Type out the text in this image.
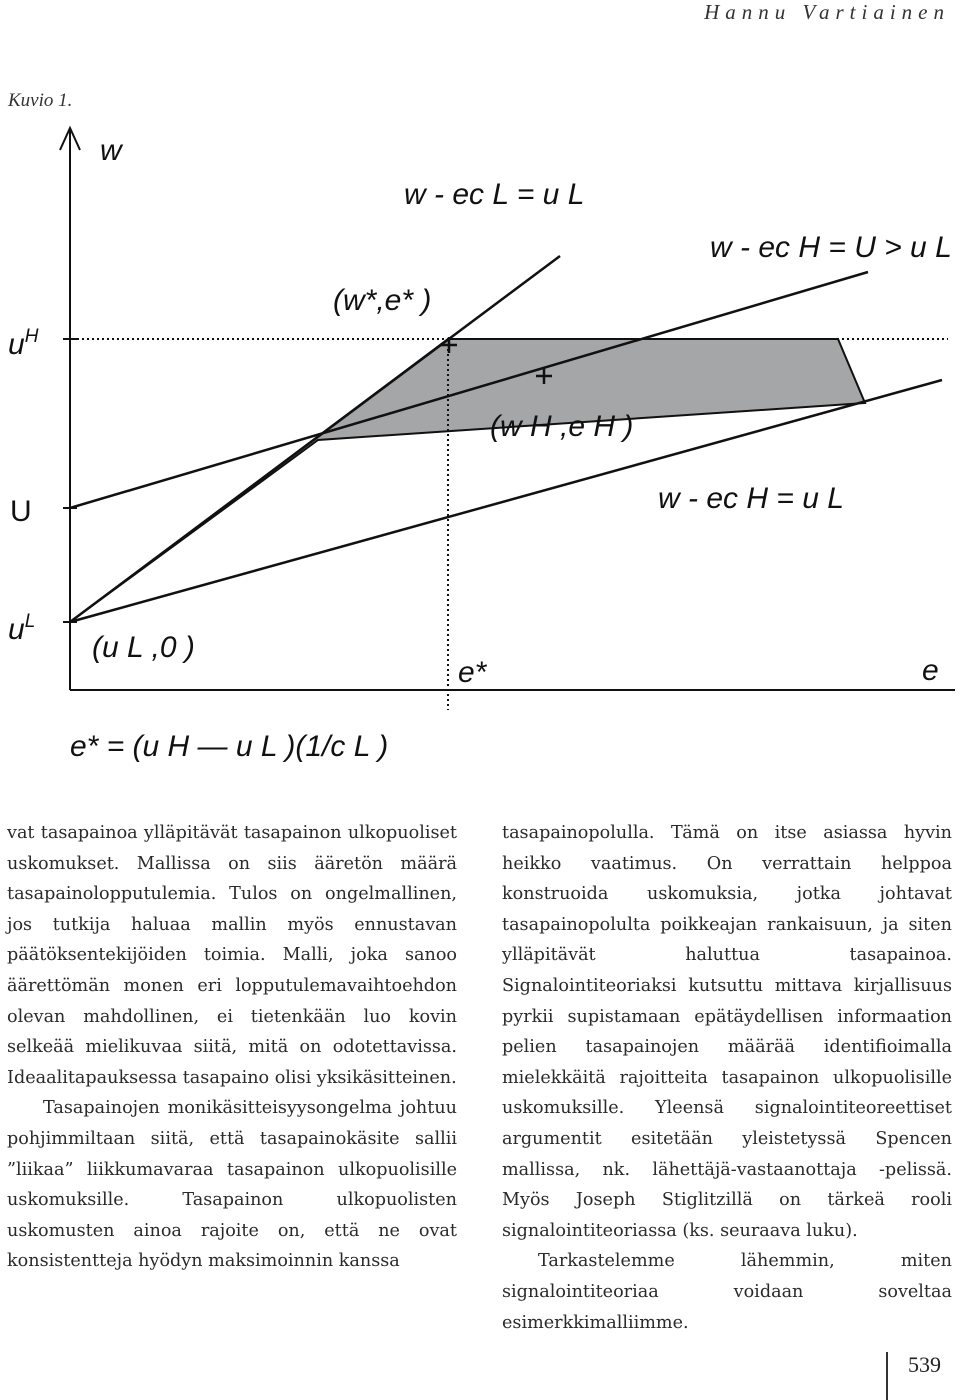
Hannu Vartiainen
Kuvio 1.
w
e
$u^H$
U
$u^L$
e*
(u L ,0 )
(w*,e* )
(w H ,e H )
w - ec L = u L
w - ec H = U > u L
w - ec H = u L
e* = (u H — u L )(1/c L )

vat tasapainoa ylläpitävät tasapainon ulkopuoliset uskomukset. Mallissa on siis ääretön määrä tasapainolopputulemia. Tulos on ongelmallinen, jos tutkija haluaa mallin myös ennustavan päätöksentekijöiden toimia. Malli, joka sanoo äärettömän monen eri lopputulemavaihtoehdon olevan mahdollinen, ei tietenkään luo kovin selkeää mielikuvaa siitä, mitä on odotettavissa. Ideaalitapauksessa tasapaino olisi yksikäsitteinen.

Tasapainojen monikäsitteisyysongelma johtuu pohjimmiltaan siitä, että tasapainokäsite sallii ”liikaa” liikkumavaraa tasapainon ulkopuolisille uskomuksille. Tasapainon ulkopuolisten uskomusten ainoa rajoite on, että ne ovat konsistentteja hyödyn maksimoinnin kanssa

tasapainopolulla. Tämä on itse asiassa hyvin heikko vaatimus. On verrattain helppoa konstruoida uskomuksia, jotka johtavat tasapainopolulta poikkeajan rankaisuun, ja siten ylläpitävät haluttua tasapainoa. Signalointiteoriaksi kutsuttu mittava kirjallisuus pyrkii supistamaan epätäydellisen informaation pelien tasapainojen määrää identifioimalla mielekkäitä rajoitteita tasapainon ulkopuolisille uskomuksille. Yleensä signalointiteoreettiset argumentit esitetään yleistetyssä Spencen mallissa, nk. lähettäjä-vastaanottaja -pelissä. Myös Joseph Stiglitzillä on tärkeä rooli signalointiteoriassa (ks. seuraava luku).

Tarkastelemme lähemmin, miten signalointiteoriaa voidaan soveltaa esimerkkimalliimme.

539
